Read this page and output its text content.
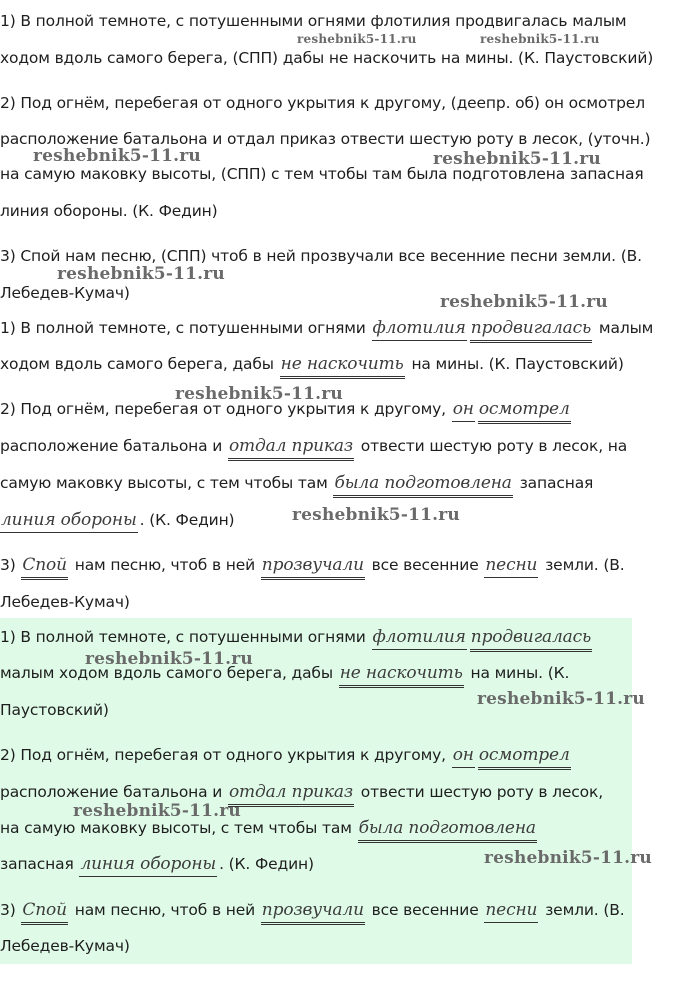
1) В полной темноте, с потушенными огнями флотилия продвигалась малым
ходом вдоль самого берега, (СПП) дабы не наскочить на мины. (К. Паустовский)
2) Под огнём, перебегая от одного укрытия к другому, (деепр. об) он осмотрел
расположение батальона и отдал приказ отвести шестую роту в лесок, (уточн.)
на самую маковку высоты, (СПП) с тем чтобы там была подготовлена запасная
линия обороны. (К. Федин)
3) Спой нам песню, (СПП) чтоб в ней прозвучали все весенние песни земли. (В.
Лебедев-Кумач)
1) В полной темноте, с потушенными огнями флотилия продвигалась малым
ходом вдоль самого берега, дабы не наскочить на мины. (К. Паустовский)
2) Под огнём, перебегая от одного укрытия к другому, он осмотрел
расположение батальона и отдал приказ отвести шестую роту в лесок, на
самую маковку высоты, с тем чтобы там была подготовлена запасная
линия обороны . (К. Федин)
3) Спой нам песню, чтоб в ней прозвучали все весенние песни земли. (В.
Лебедев-Кумач)
1) В полной темноте, с потушенными огнями флотилия продвигалась
малым ходом вдоль самого берега, дабы не наскочить на мины. (К.
Паустовский)
2) Под огнём, перебегая от одного укрытия к другому, он осмотрел
расположение батальона и отдал приказ отвести шестую роту в лесок,
на самую маковку высоты, с тем чтобы там была подготовлена
запасная линия обороны . (К. Федин)
3) Спой нам песню, чтоб в ней прозвучали все весенние песни земли. (В.
Лебедев-Кумач)
reshebnik5-11.ru	reshebnik5-11.ru
reshebnik5-11.ru	reshebnik5-11.ru
reshebnik5-11.ru
reshebnik5-11.ru
reshebnik5-11.ru
reshebnik5-11.ru
reshebnik5-11.ru
reshebnik5-11.ru
reshebnik5-11.ru
reshebnik5-11.ru
